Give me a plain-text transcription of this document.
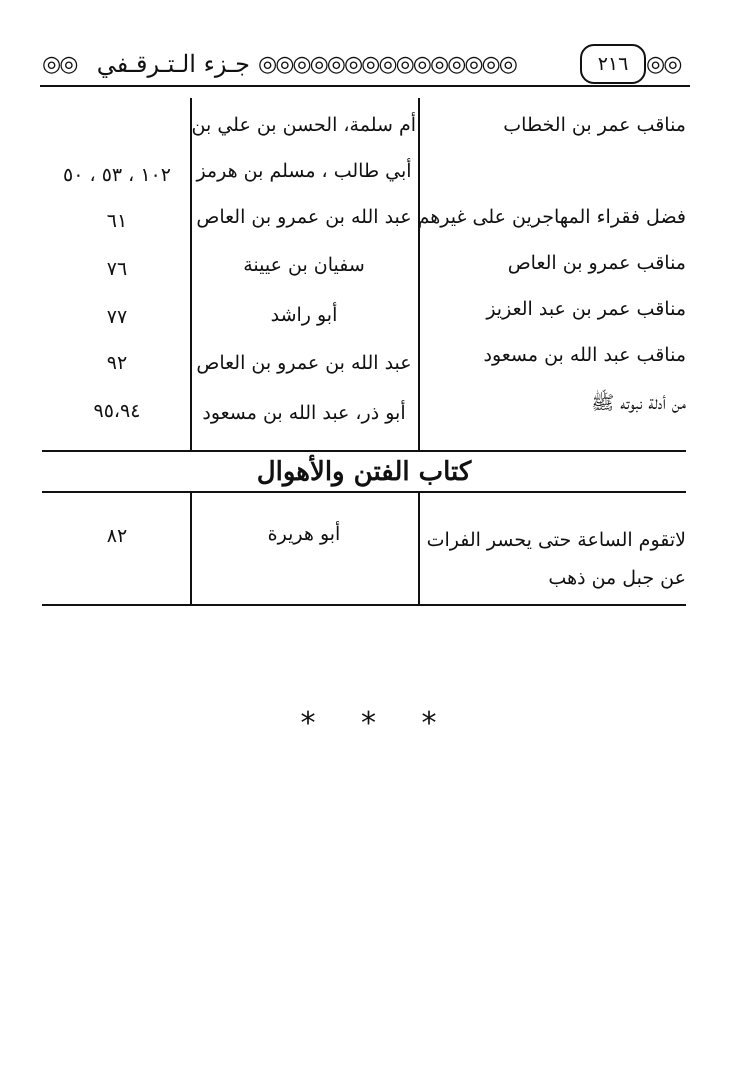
◎◎ جـزء الـتـرقـفي ◎◎◎◎◎◎◎◎◎◎◎◎◎◎◎	٢١٦ ◎◎
مناقب عمر بن الخطاب
أم سلمة، الحسن بن علي بن
أبي طالب ، مسلم بن هرمز
١٠٢ ، ٥٣ ، ٥٠
فضل فقراء المهاجرين على غيرهم
عبد الله بن عمرو بن العاص
٦١
مناقب عمرو بن العاص
سفيان بن عيينة
٧٦
مناقب عمر بن عبد العزيز
أبو راشد
٧٧
مناقب عبد الله بن مسعود
عبد الله بن عمرو بن العاص
٩٢
من أدلة نبوته ﷺ
أبو ذر، عبد الله بن مسعود
٩٥،٩٤
كتاب الفتن والأهوال
لاتقوم الساعة حتى يحسر الفرات
عن جبل من ذهب
أبو هريرة
٨٢
* * *
